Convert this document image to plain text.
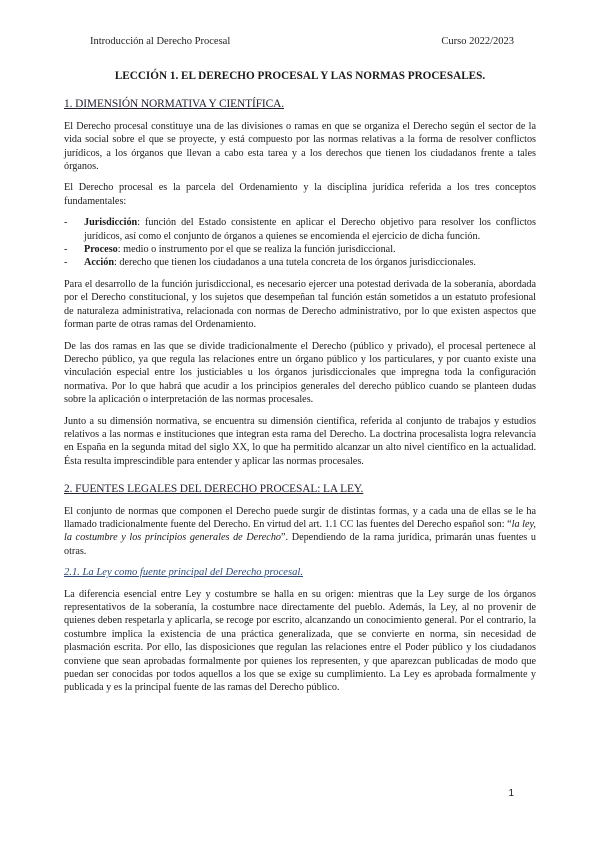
Introducción al Derecho Procesal	Curso 2022/2023
LECCIÓN 1. EL DERECHO PROCESAL Y LAS NORMAS PROCESALES.
1. DIMENSIÓN NORMATIVA Y CIENTÍFICA.

El Derecho procesal constituye una de las divisiones o ramas en que se organiza el Derecho según el sector de la vida social sobre el que se proyecte, y está compuesto por las normas relativas a la forma de resolver conflictos jurídicos, a los órganos que llevan a cabo esta tarea y a los derechos que tienen los ciudadanos frente a tales órganos.

El Derecho procesal es la parcela del Ordenamiento y la disciplina jurídica referida a los tres conceptos fundamentales:

- Jurisdicción: función del Estado consistente en aplicar el Derecho objetivo para resolver los conflictos jurídicos, así como el conjunto de órganos a quienes se encomienda el ejercicio de dicha función.
- Proceso: medio o instrumento por el que se realiza la función jurisdiccional.
- Acción: derecho que tienen los ciudadanos a una tutela concreta de los órganos jurisdiccionales.

Para el desarrollo de la función jurisdiccional, es necesario ejercer una potestad derivada de la soberanía, abordada por el Derecho constitucional, y los sujetos que desempeñan tal función están sometidos a un estatuto profesional de naturaleza administrativa, relacionada con normas de Derecho administrativo, por lo que existen aspectos que forman parte de otras ramas del Ordenamiento.

De las dos ramas en las que se divide tradicionalmente el Derecho (público y privado), el procesal pertenece al Derecho público, ya que regula las relaciones entre un órgano público y los particulares, y por cuanto existe una vinculación especial entre los justiciables u los órganos jurisdiccionales que impregna toda la configuración normativa. Por lo que habrá que acudir a los principios generales del derecho público cuando se planteen dudas sobre la aplicación o interpretación de las normas procesales.

Junto a su dimensión normativa, se encuentra su dimensión científica, referida al conjunto de trabajos y estudios relativos a las normas e instituciones que integran esta rama del Derecho. La doctrina procesalista logra relevancia en España en la segunda mitad del siglo XX, lo que ha permitido alcanzar un alto nivel científico en la actualidad. Ésta resulta imprescindible para entender y aplicar las normas procesales.

2. FUENTES LEGALES DEL DERECHO PROCESAL: LA LEY.

El conjunto de normas que componen el Derecho puede surgir de distintas formas, y a cada una de ellas se le ha llamado tradicionalmente fuente del Derecho. En virtud del art. 1.1 CC las fuentes del Derecho español son: “la ley, la costumbre y los principios generales de Derecho”. Dependiendo de la rama jurídica, primarán unas fuentes u otras.

2.1. La Ley como fuente principal del Derecho procesal.

La diferencia esencial entre Ley y costumbre se halla en su origen: mientras que la Ley surge de los órganos representativos de la soberanía, la costumbre nace directamente del pueblo. Además, la Ley, al no provenir de quienes deben respetarla y aplicarla, se recoge por escrito, alcanzando un conocimiento general. Por el contrario, la costumbre implica la existencia de una práctica generalizada, que se convierte en norma, sin necesidad de plasmación escrita. Por ello, las disposiciones que regulan las relaciones entre el Poder público y los ciudadanos conviene que sean aprobadas formalmente por quienes los representen, y que aparezcan publicadas de modo que puedan ser conocidas por todos aquellos a los que se exige su cumplimiento. La Ley es aprobada formalmente y publicada y es la principal fuente de las ramas del Derecho público.

1
